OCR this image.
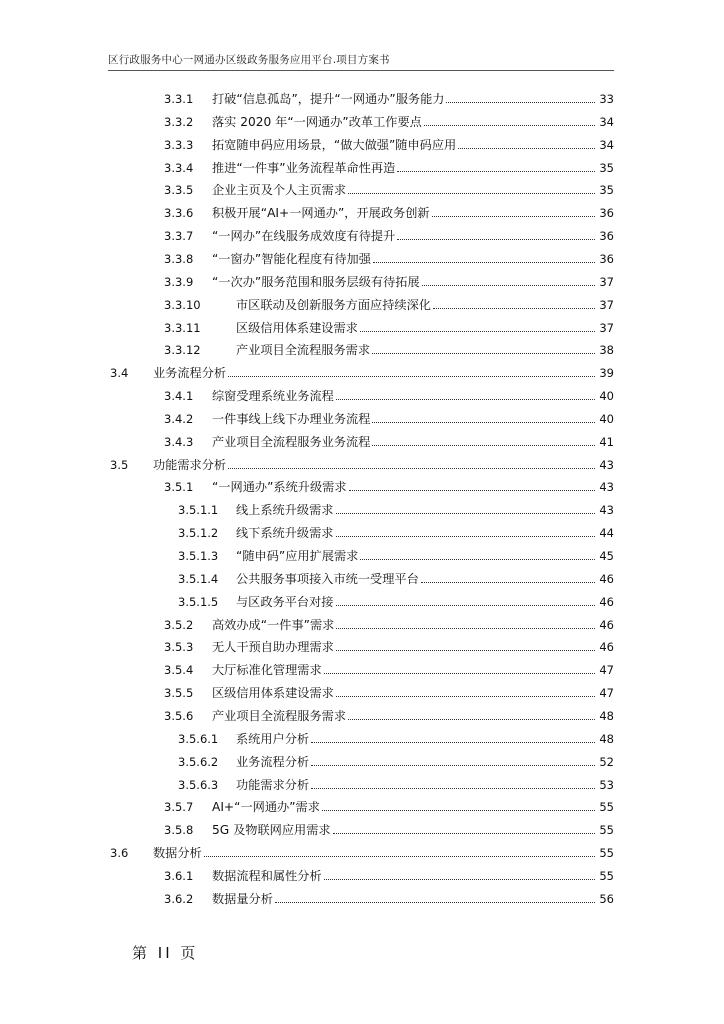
区行政服务中心一网通办区级政务服务应用平台.项目方案书
3.3.1 打破“信息孤岛”，提升“一网通办”服务能力	33
3.3.2 落实 2020 年“一网通办”改革工作要点	34
3.3.3 拓宽随申码应用场景，“做大做强”随申码应用	34
3.3.4 推进“一件事”业务流程革命性再造	35
3.3.5 企业主页及个人主页需求	35
3.3.6 积极开展“AI+一网通办”，开展政务创新	36
3.3.7 “一网办”在线服务成效度有待提升	36
3.3.8 “一窗办”智能化程度有待加强	36
3.3.9 “一次办”服务范围和服务层级有待拓展	37
3.3.10	市区联动及创新服务方面应持续深化	37
3.3.11	区级信用体系建设需求	37
3.3.12	产业项目全流程服务需求	38
3.4 业务流程分析	39
3.4.1 综窗受理系统业务流程	40
3.4.2 一件事线上线下办理业务流程	40
3.4.3 产业项目全流程服务业务流程	41
3.5 功能需求分析	43
3.5.1 “一网通办”系统升级需求	43
3.5.1.1 线上系统升级需求	43
3.5.1.2 线下系统升级需求	44
3.5.1.3 “随申码”应用扩展需求	45
3.5.1.4 公共服务事项接入市统一受理平台	46
3.5.1.5 与区政务平台对接	46
3.5.2 高效办成“一件事”需求	46
3.5.3 无人干预自助办理需求	46
3.5.4 大厅标准化管理需求	47
3.5.5 区级信用体系建设需求	47
3.5.6 产业项目全流程服务需求	48
3.5.6.1 系统用户分析	48
3.5.6.2 业务流程分析	52
3.5.6.3 功能需求分析	53
3.5.7 AI+“一网通办”需求	55
3.5.8 5G 及物联网应用需求	55
3.6 数据分析	55
3.6.1 数据流程和属性分析	55
3.6.2 数据量分析	56
第 II 页
